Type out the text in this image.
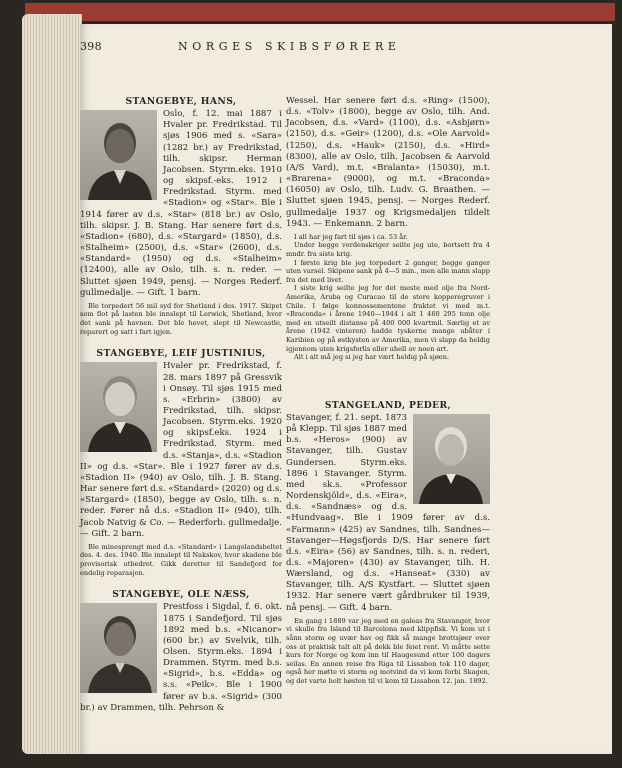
398	NORGES SKIBSFØRERE
STANGEBYE, HANS,

Oslo, f. 12. mai 1887 i Hvaler pr. Fredrikstad. Til sjøs 1906 med s. «Sara» (1282 br.) av Fredrikstad, tilh. skipsr. Herman Jacobsen. Styrm.eks. 1910 og skipsf.-eks. 1912 i Fredrikstad. Styrm. med «Stadion» og «Star». Ble i 1914 fører av d.s. «Star» (818 br.) av Oslo, tilh. skipsr. J. B. Stang. Har senere ført d.s. «Stadion» (680), d.s. «Stargard» (1850), d.s. «Stalheim» (2500), d.s. «Star» (2600), d.s. «Standard» (1950) og d.s. «Stalheim» (12400), alle av Oslo, tilh. s. n. reder. — Sluttet sjøen 1949, pensj. — Norges Rederf. gullmedalje. — Gift. 1 barn.

Ble torpedert 56 mil syd for Shetland i des. 1917. Skipet som flot på lasten ble innslept til Lerwick, Shetland, hvor det sank på havnen. Det ble hevet, slept til Newcastle, reparert og satt i fart igjen.

STANGEBYE, LEIF JUSTINIUS,

Hvaler pr. Fredrikstad, f. 28. mars 1897 på Gressvik i Onsøy. Til sjøs 1915 med s. «Erbrin» (3800) av Fredrikstad, tilh. skipsr. Jacobsen. Styrm.eks. 1920 og skipsf.eks. 1924 i Fredrikstad. Styrm. med d.s. «Stanja», d.s. «Stadion II» og d.s. «Star». Ble i 1927 fører av d.s. «Stadion II» (940) av Oslo, tilh. J. B. Stang. Har senere ført d.s. «Standard» (2020) og d.s. «Stargard» (1850), begge av Oslo, tilh. s. n. reder. Fører nå d.s. «Stadion II» (940), tilh. Jacob Natvig & Co. — Rederforb. gullmedalje. — Gift. 2 barn.

Ble minesprengt med d.s. «Standard» i Langelandsbeltet des. 4. des. 1940. Ble innslept til Nakskov, hvor skadene ble provisorisk utbedret. Gikk deretter til Sandefjord for endelig reparasjon.

STANGEBYE, OLE NÆSS,

Prestfoss i Sigdal, f. 6. okt. 1875 i Sandefjord. Til sjøs 1892 med b.s. «Nicanor» (600 br.) av Svelvik, tilh. Olsen. Styrm.eks. 1894 i Drammen. Styrm. med b.s. «Sigrid», b.s. «Edda» og s.s. «Peik». Ble i 1900 fører av b.s. «Sigrid» (300 br.) av Drammen, tilh. Pehrson &

Wessel. Har senere ført d.s. «Ring» (1500), d.s. «Tolv» (1800), begge av Oslo, tilh. And. Jacobsen, d.s. «Vard» (1100), d.s. «Asbjørn» (2150), d.s. «Geir» (1200), d.s. «Ole Aarvold» (1250), d.s. «Hauk» (2150), d.s. «Hird» (8300), alle av Oslo, tilh. Jacobsen & Aarvold (A/S Vard), m.t. «Bralanta» (15030), m.t. «Brarena» (9000), og m.t. «Braconda» (16050) av Oslo, tilh. Ludv. G. Braathen. — Sluttet sjøen 1945, pensj. — Norges Rederf. gullmedalje 1937 og Krigsmedaljen tildelt 1943. — Enkemann. 2 barn.

I all har jeg fart til sjøs i ca. 53 år.

Under begge verdenskriger seilte jeg ute, bortsett fra 4 mndr. fra siste krig.

I første krig ble jeg torpedert 2 ganger, begge ganger uten varsel. Skipene sank på 4—5 min., men alle mann slapp fra det med livet.

I siste krig seilte jeg for det meste med olje fra Nord-Amerika, Aruba og Curacao til de store kopperegruver i Chile. I følge konnossementene fraktet vi med m.t. «Braconda» i årene 1940—1944 i alt 1 460 295 tonn olje med en utseilt distanse på 400 000 kvartmil. Særlig et av årene (1942 vinteren) hadde tyskerne mange ubåter i Karibien og på østkysten av Amerika, men vi slapp da heldig igjennom uten krigsforlis eller uhell av noen art.

Alt i alt må jeg si jeg har vært heldig på sjøen.

STANGELAND, PEDER,

Stavanger, f. 21. sept. 1873 på Klepp. Til sjøs 1887 med b.s. «Heros» (900) av Stavanger, tilh. Gustav Gundersen. Styrm.eks. 1896 i Stavanger. Styrm. med sk.s. «Professor Nordenskjöld», d.s. «Eira», d.s. «Sandnæs» og d.s. «Hundvaag». Ble i 1909 fører av d.s. «Farmann» (425) av Sandnes, tilh. Sandnes—Stavanger—Høgsfjords D/S. Har senere ført d.s. «Eira» (56) av Sandnes, tilh. s. n. rederi, d.s. «Majoren» (430) av Stavanger, tilh. H. Wærsland, og d.s. «Hanseat» (330) av Stavanger, tilh. A/S Kystfart. — Sluttet sjøen 1932. Har senere vært gårdbruker til 1939, nå pensj. — Gift. 4 barn.

En gang i 1889 var jeg med en galeas fra Stavanger, hvor vi skulle fra Island til Barcelona med klippfisk. Vi kom ut i sånn storm og uvær hav og fikk så mange brottsjøer over oss at praktisk talt alt på dekk ble feiet rent. Vi måtte sette kurs for Norge og kom inn til Haugesund etter 100 dagers seilas. En annen reise fra Riga til Lissabon tok 110 dager, også her møtte vi storm og motvind da vi kom forbi Skagen, og det varte helt høsten til vi kom til Lissabon 12. jan. 1892.
